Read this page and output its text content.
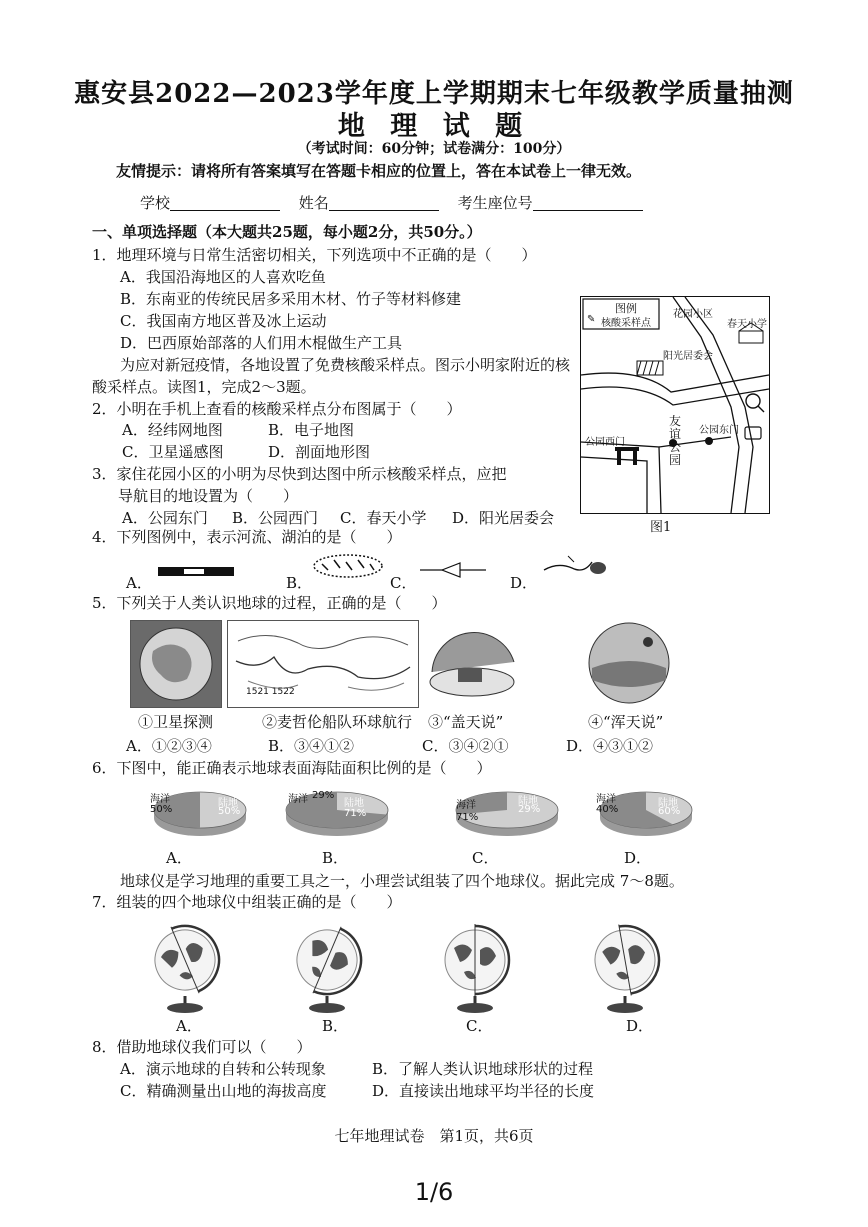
惠安县2022—2023学年度上学期期末七年级教学质量抽测
地 理 试 题
（考试时间：60分钟；试卷满分：100分）
友情提示：请将所有答案填写在答题卡相应的位置上，答在本试卷上一律无效。
学校	姓名	考生座位号
一、单项选择题（本大题共25题，每小题2分，共50分。）
1．地理环境与日常生活密切相关，下列选项中不正确的是（　　）
A．我国沿海地区的人喜欢吃鱼
B．东南亚的传统民居多采用木材、竹子等材料修建
C．我国南方地区普及冰上运动
D．巴西原始部落的人们用木棍做生产工具
为应对新冠疫情，各地设置了免费核酸采样点。图示小明家附近的核
酸采样点。读图1，完成2～3题。
2．小明在手机上查看的核酸采样点分布图属于（　　）
A．经纬网地图	B．电子地图
C．卫星遥感图	D．剖面地形图
3．家住花园小区的小明为尽快到达图中所示核酸采样点，应把
导航目的地设置为（　　）
A．公园东门 B．公园西门 C．春天小学 D．阳光居委会
图例
✎ 核酸采样点
花园小区
春天小学
阳光居委会
友谊公园
公园东门
公园西门
图1
4．下列图例中，表示河流、湖泊的是（　　）
A．	B．	C．	D．
5．下列关于人类认识地球的过程，正确的是（　　）
1521 1522
①卫星探测	②麦哲伦船队环球航行 ③“盖天说”	④“浑天说”
A．①②③④	B．③④①②	C．③④②①	D．④③①②
6．下图中，能正确表示地球表面海陆面积比例的是（　　）
海洋
50%
陆地
50%
海洋 29%
陆地
71%
海洋
71%
陆地
29%
海洋
40%
陆地
60%
A．	B．	C．	D．
地球仪是学习地理的重要工具之一，小理尝试组装了四个地球仪。据此完成 7～8题。
7．组装的四个地球仪中组装正确的是（　　）
A．	B．	C．	D．
8．借助地球仪我们可以（　　）
A．演示地球的自转和公转现象	B．了解人类认识地球形状的过程
C．精确测量出山地的海拔高度	D．直接读出地球平均半径的长度
七年地理试卷　第1页，共6页
1/6
